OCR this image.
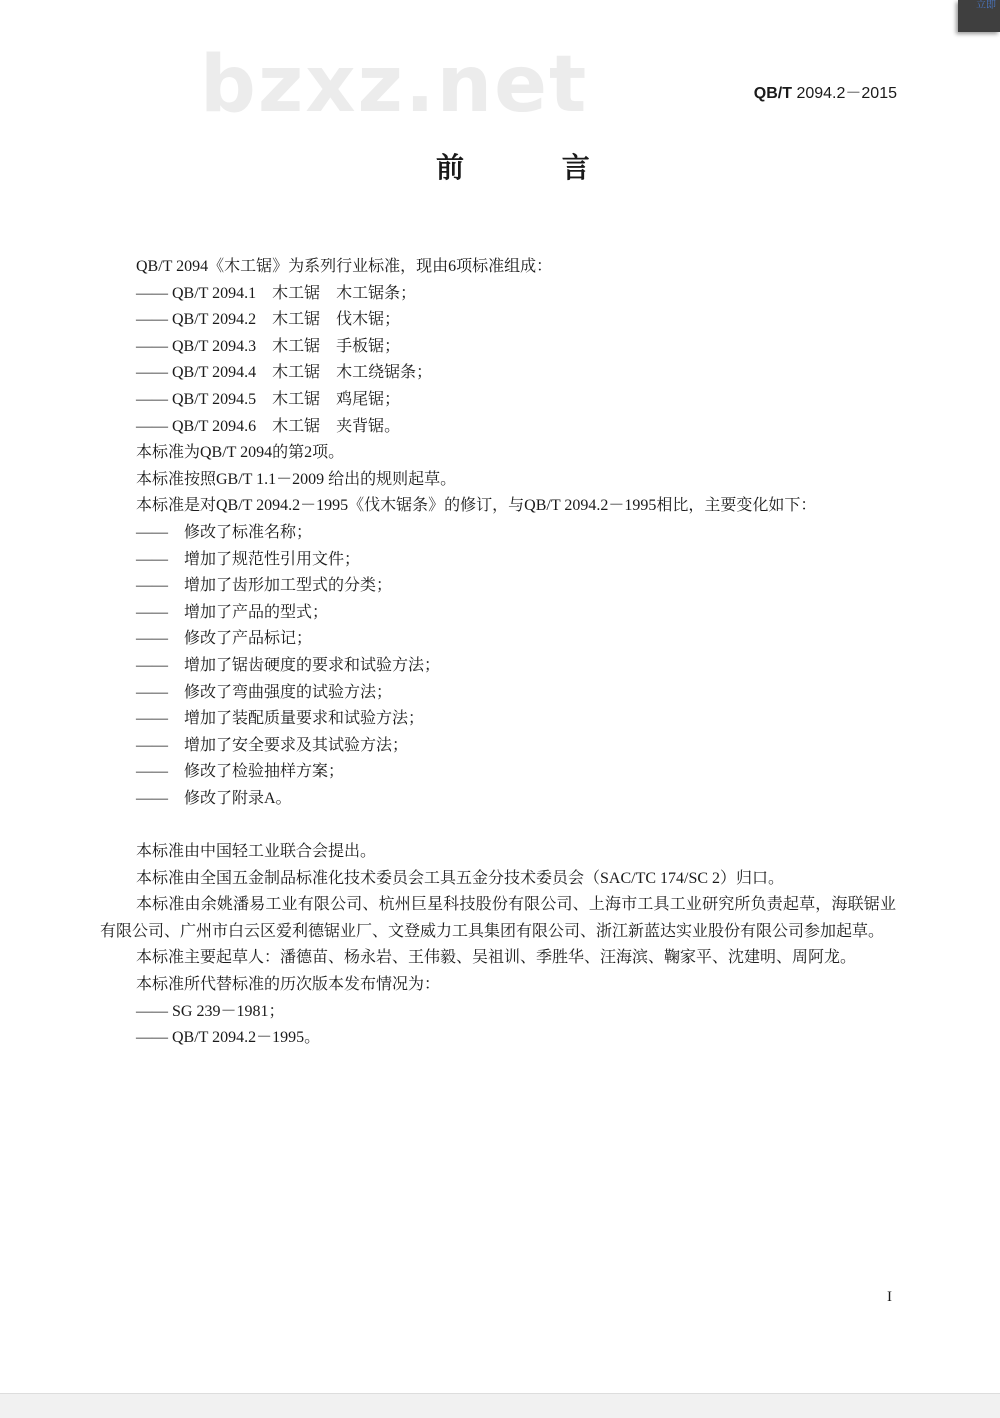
立即
bzxz.net	QB/T 2094.2－2015
前 言

QB/T 2094《木工锯》为系列行业标准，现由6项标准组成：

—— QB/T 2094.1　木工锯　木工锯条；

—— QB/T 2094.2　木工锯　伐木锯；

—— QB/T 2094.3　木工锯　手板锯；

—— QB/T 2094.4　木工锯　木工绕锯条；

—— QB/T 2094.5　木工锯　鸡尾锯；

—— QB/T 2094.6　木工锯　夹背锯。

本标准为QB/T 2094的第2项。

本标准按照GB/T 1.1－2009 给出的规则起草。

本标准是对QB/T 2094.2－1995《伐木锯条》的修订，与QB/T 2094.2－1995相比，主要变化如下：

——　修改了标准名称；

——　增加了规范性引用文件；

——　增加了齿形加工型式的分类；

——　增加了产品的型式；

——　修改了产品标记；

——　增加了锯齿硬度的要求和试验方法；

——　修改了弯曲强度的试验方法；

——　增加了装配质量要求和试验方法；

——　增加了安全要求及其试验方法；

——　修改了检验抽样方案；

——　修改了附录A。

本标准由中国轻工业联合会提出。

本标准由全国五金制品标准化技术委员会工具五金分技术委员会（SAC/TC 174/SC 2）归口。

本标准由余姚潘易工业有限公司、杭州巨星科技股份有限公司、上海市工具工业研究所负责起草，海联锯业有限公司、广州市白云区爱利德锯业厂、文登威力工具集团有限公司、浙江新蓝达实业股份有限公司参加起草。

本标准主要起草人：潘德苗、杨永岩、王伟毅、吴祖训、季胜华、汪海滨、鞠家平、沈建明、周阿龙。

本标准所代替标准的历次版本发布情况为：

—— SG 239－1981；

—— QB/T 2094.2－1995。

I
